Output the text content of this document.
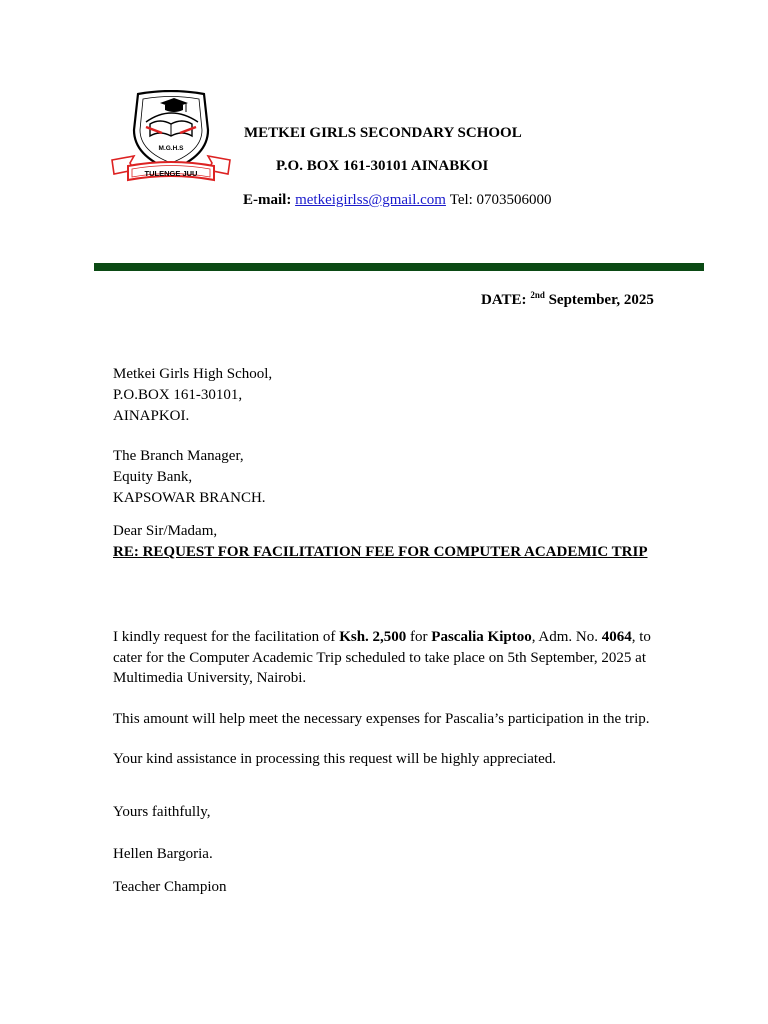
M.G.H.S
TULENGE JUU
METKEI GIRLS SECONDARY SCHOOL
P.O. BOX 161-30101 AINABKOI
E-mail: metkeigirlss@gmail.com Tel: 0703506000
DATE: $^{2nd}$ September, 2025
Metkei Girls High School,
P.O.BOX 161-30101,
AINAPKOI.
The Branch Manager,
Equity Bank,
KAPSOWAR BRANCH.
Dear Sir/Madam,
RE: REQUEST FOR FACILITATION FEE FOR COMPUTER ACADEMIC TRIP
I kindly request for the facilitation of Ksh. 2,500 for Pascalia Kiptoo, Adm. No. 4064, to cater for the Computer Academic Trip scheduled to take place on 5th September, 2025 at Multimedia University, Nairobi.
This amount will help meet the necessary expenses for Pascalia’s participation in the trip.
Your kind assistance in processing this request will be highly appreciated.
Yours faithfully,
Hellen Bargoria.
Teacher Champion
